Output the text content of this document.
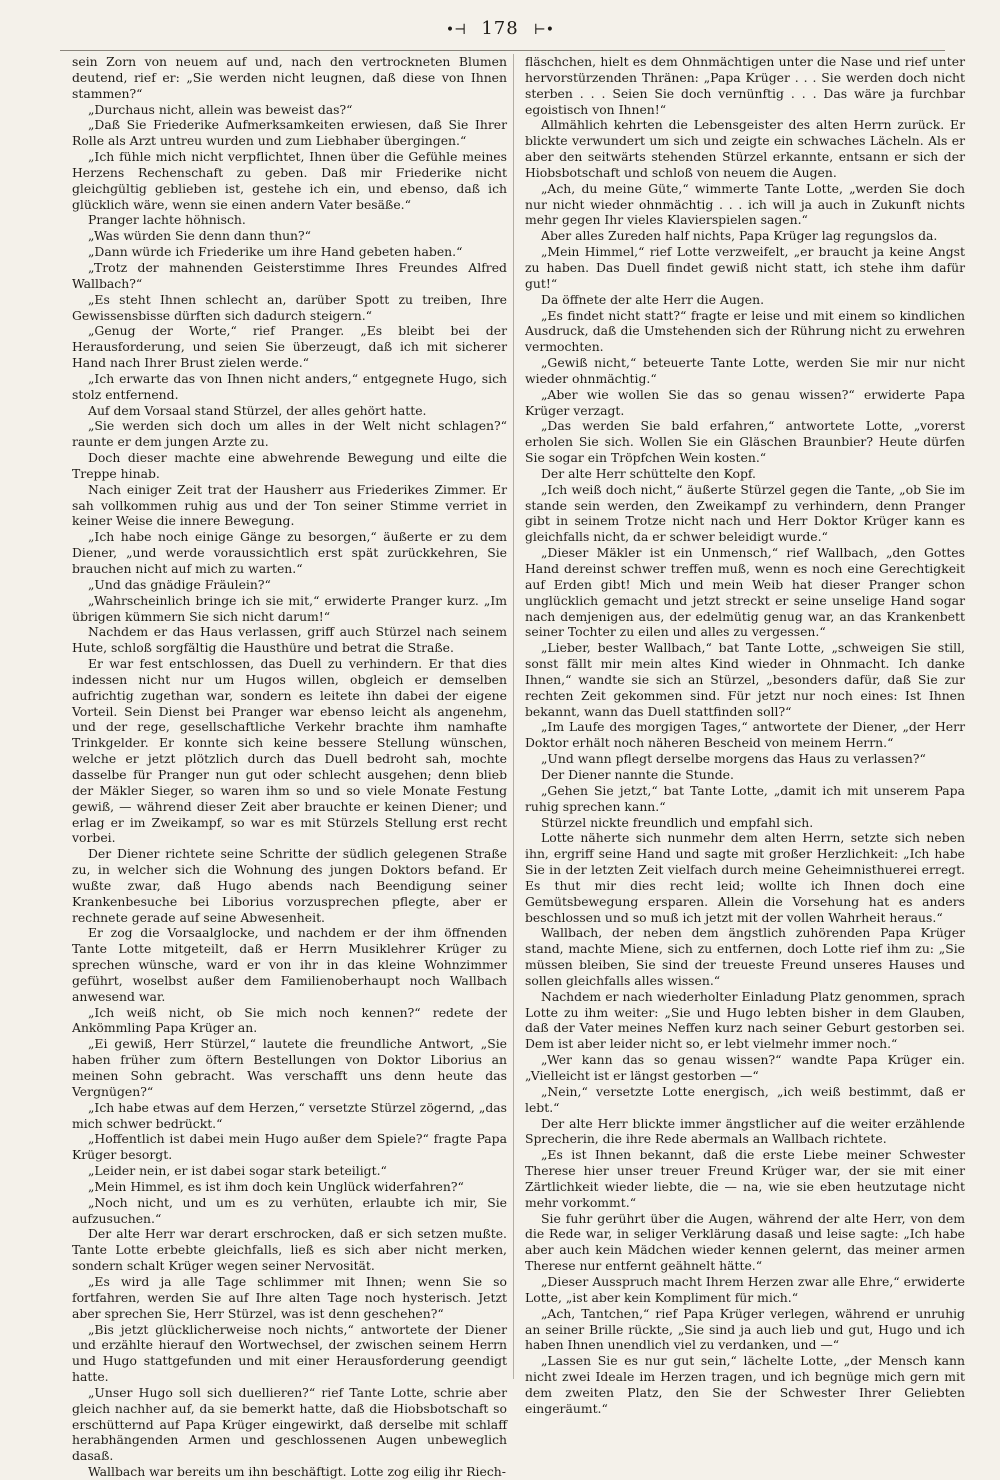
•⊣ 178 ⊢•

sein Zorn von neuem auf und, nach den vertrockneten Blumen deutend, rief er: „Sie werden nicht leugnen, daß diese von Ihnen stammen?“

„Durchaus nicht, allein was beweist das?“

„Daß Sie Friederike Aufmerksamkeiten erwiesen, daß Sie Ihrer Rolle als Arzt untreu wurden und zum Liebhaber übergingen.“

„Ich fühle mich nicht verpflichtet, Ihnen über die Gefühle meines Herzens Rechenschaft zu geben. Daß mir Friederike nicht gleichgültig geblieben ist, gestehe ich ein, und ebenso, daß ich glücklich wäre, wenn sie einen andern Vater besäße.“

Pranger lachte höhnisch.

„Was würden Sie denn dann thun?“

„Dann würde ich Friederike um ihre Hand gebeten haben.“

„Trotz der mahnenden Geisterstimme Ihres Freundes Alfred Wallbach?“

„Es steht Ihnen schlecht an, darüber Spott zu treiben, Ihre Gewissensbisse dürften sich dadurch steigern.“

„Genug der Worte,“ rief Pranger. „Es bleibt bei der Herausforderung, und seien Sie überzeugt, daß ich mit sicherer Hand nach Ihrer Brust zielen werde.“

„Ich erwarte das von Ihnen nicht anders,“ entgegnete Hugo, sich stolz entfernend.

Auf dem Vorsaal stand Stürzel, der alles gehört hatte.

„Sie werden sich doch um alles in der Welt nicht schlagen?“ raunte er dem jungen Arzte zu.

Doch dieser machte eine abwehrende Bewegung und eilte die Treppe hinab.

Nach einiger Zeit trat der Hausherr aus Friederikes Zimmer. Er sah vollkommen ruhig aus und der Ton seiner Stimme verriet in keiner Weise die innere Bewegung.

„Ich habe noch einige Gänge zu besorgen,“ äußerte er zu dem Diener, „und werde voraussichtlich erst spät zurückkehren, Sie brauchen nicht auf mich zu warten.“

„Und das gnädige Fräulein?“

„Wahrscheinlich bringe ich sie mit,“ erwiderte Pranger kurz. „Im übrigen kümmern Sie sich nicht darum!“

Nachdem er das Haus verlassen, griff auch Stürzel nach seinem Hute, schloß sorgfältig die Hausthüre und betrat die Straße.

Er war fest entschlossen, das Duell zu verhindern. Er that dies indessen nicht nur um Hugos willen, obgleich er demselben aufrichtig zugethan war, sondern es leitete ihn dabei der eigene Vorteil. Sein Dienst bei Pranger war ebenso leicht als angenehm, und der rege, gesellschaftliche Verkehr brachte ihm namhafte Trinkgelder. Er konnte sich keine bessere Stellung wünschen, welche er jetzt plötzlich durch das Duell bedroht sah, mochte dasselbe für Pranger nun gut oder schlecht ausgehen; denn blieb der Mäkler Sieger, so waren ihm so und so viele Monate Festung gewiß, — während dieser Zeit aber brauchte er keinen Diener; und erlag er im Zweikampf, so war es mit Stürzels Stellung erst recht vorbei.

Der Diener richtete seine Schritte der südlich gelegenen Straße zu, in welcher sich die Wohnung des jungen Doktors befand. Er wußte zwar, daß Hugo abends nach Beendigung seiner Krankenbesuche bei Liborius vorzusprechen pflegte, aber er rechnete gerade auf seine Abwesenheit.

Er zog die Vorsaalglocke, und nachdem er der ihm öffnenden Tante Lotte mitgeteilt, daß er Herrn Musiklehrer Krüger zu sprechen wünsche, ward er von ihr in das kleine Wohnzimmer geführt, woselbst außer dem Familienoberhaupt noch Wallbach anwesend war.

„Ich weiß nicht, ob Sie mich noch kennen?“ redete der Ankömmling Papa Krüger an.

„Ei gewiß, Herr Stürzel,“ lautete die freundliche Antwort, „Sie haben früher zum öftern Bestellungen von Doktor Liborius an meinen Sohn gebracht. Was verschafft uns denn heute das Vergnügen?“

„Ich habe etwas auf dem Herzen,“ versetzte Stürzel zögernd, „das mich schwer bedrückt.“

„Hoffentlich ist dabei mein Hugo außer dem Spiele?“ fragte Papa Krüger besorgt.

„Leider nein, er ist dabei sogar stark beteiligt.“

„Mein Himmel, es ist ihm doch kein Unglück widerfahren?“

„Noch nicht, und um es zu verhüten, erlaubte ich mir, Sie aufzusuchen.“

Der alte Herr war derart erschrocken, daß er sich setzen mußte. Tante Lotte erbebte gleichfalls, ließ es sich aber nicht merken, sondern schalt Krüger wegen seiner Nervosität.

„Es wird ja alle Tage schlimmer mit Ihnen; wenn Sie so fortfahren, werden Sie auf Ihre alten Tage noch hysterisch. Jetzt aber sprechen Sie, Herr Stürzel, was ist denn geschehen?“

„Bis jetzt glücklicherweise noch nichts,“ antwortete der Diener und erzählte hierauf den Wortwechsel, der zwischen seinem Herrn und Hugo stattgefunden und mit einer Herausforderung geendigt hatte.

„Unser Hugo soll sich duellieren?“ rief Tante Lotte, schrie aber gleich nachher auf, da sie bemerkt hatte, daß die Hiobsbotschaft so erschütternd auf Papa Krüger eingewirkt, daß derselbe mit schlaff herabhängenden Armen und geschlossenen Augen unbeweglich dasaß.

Wallbach war bereits um ihn beschäftigt. Lotte zog eilig ihr Riech-

fläschchen, hielt es dem Ohnmächtigen unter die Nase und rief unter hervorstürzenden Thränen: „Papa Krüger . . . Sie werden doch nicht sterben . . . Seien Sie doch vernünftig . . . Das wäre ja furchbar egoistisch von Ihnen!“

Allmählich kehrten die Lebensgeister des alten Herrn zurück. Er blickte verwundert um sich und zeigte ein schwaches Lächeln. Als er aber den seitwärts stehenden Stürzel erkannte, entsann er sich der Hiobsbotschaft und schloß von neuem die Augen.

„Ach, du meine Güte,“ wimmerte Tante Lotte, „werden Sie doch nur nicht wieder ohnmächtig . . . ich will ja auch in Zukunft nichts mehr gegen Ihr vieles Klavierspielen sagen.“

Aber alles Zureden half nichts, Papa Krüger lag regungslos da.

„Mein Himmel,“ rief Lotte verzweifelt, „er braucht ja keine Angst zu haben. Das Duell findet gewiß nicht statt, ich stehe ihm dafür gut!“

Da öffnete der alte Herr die Augen.

„Es findet nicht statt?“ fragte er leise und mit einem so kindlichen Ausdruck, daß die Umstehenden sich der Rührung nicht zu erwehren vermochten.

„Gewiß nicht,“ beteuerte Tante Lotte, werden Sie mir nur nicht wieder ohnmächtig.“

„Aber wie wollen Sie das so genau wissen?“ erwiderte Papa Krüger verzagt.

„Das werden Sie bald erfahren,“ antwortete Lotte, „vorerst erholen Sie sich. Wollen Sie ein Gläschen Braunbier? Heute dürfen Sie sogar ein Tröpfchen Wein kosten.“

Der alte Herr schüttelte den Kopf.

„Ich weiß doch nicht,“ äußerte Stürzel gegen die Tante, „ob Sie im stande sein werden, den Zweikampf zu verhindern, denn Pranger gibt in seinem Trotze nicht nach und Herr Doktor Krüger kann es gleichfalls nicht, da er schwer beleidigt wurde.“

„Dieser Mäkler ist ein Unmensch,“ rief Wallbach, „den Gottes Hand dereinst schwer treffen muß, wenn es noch eine Gerechtigkeit auf Erden gibt! Mich und mein Weib hat dieser Pranger schon unglücklich gemacht und jetzt streckt er seine unselige Hand sogar nach demjenigen aus, der edelmütig genug war, an das Krankenbett seiner Tochter zu eilen und alles zu vergessen.“

„Lieber, bester Wallbach,“ bat Tante Lotte, „schweigen Sie still, sonst fällt mir mein altes Kind wieder in Ohnmacht. Ich danke Ihnen,“ wandte sie sich an Stürzel, „besonders dafür, daß Sie zur rechten Zeit gekommen sind. Für jetzt nur noch eines: Ist Ihnen bekannt, wann das Duell stattfinden soll?“

„Im Laufe des morgigen Tages,“ antwortete der Diener, „der Herr Doktor erhält noch näheren Bescheid von meinem Herrn.“

„Und wann pflegt derselbe morgens das Haus zu verlassen?“

Der Diener nannte die Stunde.

„Gehen Sie jetzt,“ bat Tante Lotte, „damit ich mit unserem Papa ruhig sprechen kann.“

Stürzel nickte freundlich und empfahl sich.

Lotte näherte sich nunmehr dem alten Herrn, setzte sich neben ihn, ergriff seine Hand und sagte mit großer Herzlichkeit: „Ich habe Sie in der letzten Zeit vielfach durch meine Geheimnisthuerei erregt. Es thut mir dies recht leid; wollte ich Ihnen doch eine Gemütsbewegung ersparen. Allein die Vorsehung hat es anders beschlossen und so muß ich jetzt mit der vollen Wahrheit heraus.“

Wallbach, der neben dem ängstlich zuhörenden Papa Krüger stand, machte Miene, sich zu entfernen, doch Lotte rief ihm zu: „Sie müssen bleiben, Sie sind der treueste Freund unseres Hauses und sollen gleichfalls alles wissen.“

Nachdem er nach wiederholter Einladung Platz genommen, sprach Lotte zu ihm weiter: „Sie und Hugo lebten bisher in dem Glauben, daß der Vater meines Neffen kurz nach seiner Geburt gestorben sei. Dem ist aber leider nicht so, er lebt vielmehr immer noch.“

„Wer kann das so genau wissen?“ wandte Papa Krüger ein. „Vielleicht ist er längst gestorben —“

„Nein,“ versetzte Lotte energisch, „ich weiß bestimmt, daß er lebt.“

Der alte Herr blickte immer ängstlicher auf die weiter erzählende Sprecherin, die ihre Rede abermals an Wallbach richtete.

„Es ist Ihnen bekannt, daß die erste Liebe meiner Schwester Therese hier unser treuer Freund Krüger war, der sie mit einer Zärtlichkeit wieder liebte, die — na, wie sie eben heutzutage nicht mehr vorkommt.“

Sie fuhr gerührt über die Augen, während der alte Herr, von dem die Rede war, in seliger Verklärung dasaß und leise sagte: „Ich habe aber auch kein Mädchen wieder kennen gelernt, das meiner armen Therese nur entfernt geähnelt hätte.“

„Dieser Ausspruch macht Ihrem Herzen zwar alle Ehre,“ erwiderte Lotte, „ist aber kein Kompliment für mich.“

„Ach, Tantchen,“ rief Papa Krüger verlegen, während er unruhig an seiner Brille rückte, „Sie sind ja auch lieb und gut, Hugo und ich haben Ihnen unendlich viel zu verdanken, und —“

„Lassen Sie es nur gut sein,“ lächelte Lotte, „der Mensch kann nicht zwei Ideale im Herzen tragen, und ich begnüge mich gern mit dem zweiten Platz, den Sie der Schwester Ihrer Geliebten eingeräumt.“
